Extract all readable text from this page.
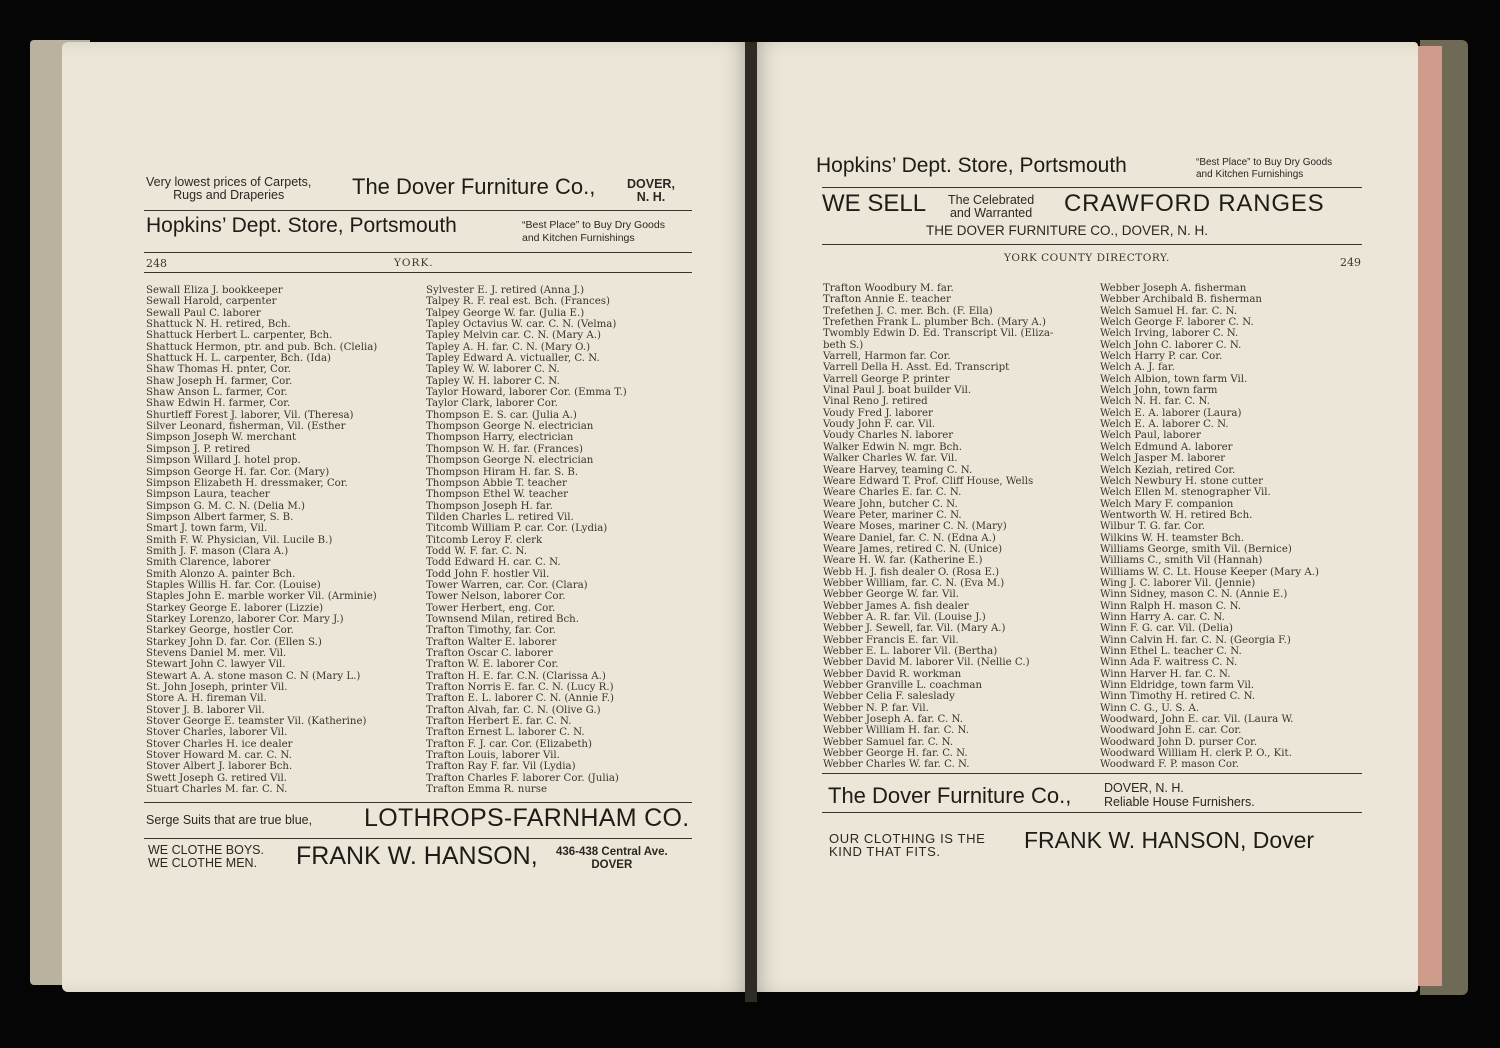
Very lowest prices of Carpets,
Rugs and Draperies	The Dover Furniture Co.,	DOVER,
N. H.
Hopkins’ Dept. Store, Portsmouth	“Best Place” to Buy Dry Goods
and Kitchen Furnishings
248	YORK.
Sewall Eliza J. bookkeeper
Sewall Harold, carpenter
Sewall Paul C. laborer
Shattuck N. H. retired, Bch.
Shattuck Herbert L. carpenter, Bch.
Shattuck Hermon, ptr. and pub. Bch. (Clelia)
Shattuck H. L. carpenter, Bch. (Ida)
Shaw Thomas H. pnter, Cor.
Shaw Joseph H. farmer, Cor.
Shaw Anson L. farmer, Cor.
Shaw Edwin H. farmer, Cor.
Shurtleff Forest J. laborer, Vil. (Theresa)
Silver Leonard, fisherman, Vil. (Esther
Simpson Joseph W. merchant
Simpson J. P. retired
Simpson Willard J. hotel prop.
Simpson George H. far. Cor. (Mary)
Simpson Elizabeth H. dressmaker, Cor.
Simpson Laura, teacher
Simpson G. M. C. N. (Delia M.)
Simpson Albert farmer, S. B.
Smart J. town farm, Vil.
Smith F. W. Physician, Vil. Lucile B.)
Smith J. F. mason (Clara A.)
Smith Clarence, laborer
Smith Alonzo A. painter Bch.
Staples Willis H. far. Cor. (Louise)
Staples John E. marble worker Vil. (Arminie)
Starkey George E. laborer (Lizzie)
Starkey Lorenzo, laborer Cor. Mary J.)
Starkey George, hostler Cor.
Starkey John D. far. Cor. (Ellen S.)
Stevens Daniel M. mer. Vil.
Stewart John C. lawyer Vil.
Stewart A. A. stone mason C. N (Mary L.)
St. John Joseph, printer Vil.
Store A. H. fireman Vil.
Stover J. B. laborer Vil.
Stover George E. teamster Vil. (Katherine)
Stover Charles, laborer Vil.
Stover Charles H. ice dealer
Stover Howard M. car. C. N.
Stover Albert J. laborer Bch.
Swett Joseph G. retired Vil.
Stuart Charles M. far. C. N.
Sylvester E. J. retired (Anna J.)
Talpey R. F. real est. Bch. (Frances)
Talpey George W. far. (Julia E.)
Tapley Octavius W. car. C. N. (Velma)
Tapley Melvin car. C. N. (Mary A.)
Tapley A. H. far. C. N. (Mary O.)
Tapley Edward A. victualler, C. N.
Tapley W. W. laborer C. N.
Tapley W. H. laborer C. N.
Taylor Howard, laborer Cor. (Emma T.)
Taylor Clark, laborer Cor.
Thompson E. S. car. (Julia A.)
Thompson George N. electrician
Thompson Harry, electrician
Thompson W. H. far. (Frances)
Thompson George N. electrician
Thompson Hiram H. far. S. B.
Thompson Abbie T. teacher
Thompson Ethel W. teacher
Thompson Joseph H. far.
Tilden Charles L. retired Vil.
Titcomb William P. car. Cor. (Lydia)
Titcomb Leroy F. clerk
Todd W. F. far. C. N.
Todd Edward H. car. C. N.
Todd John F. hostler Vil.
Tower Warren, car. Cor. (Clara)
Tower Nelson, laborer Cor.
Tower Herbert, eng. Cor.
Townsend Milan, retired Bch.
Trafton Timothy, far. Cor.
Trafton Walter E. laborer
Trafton Oscar C. laborer
Trafton W. E. laborer Cor.
Trafton H. E. far. C.N. (Clarissa A.)
Trafton Norris E. far. C. N. (Lucy R.)
Trafton E. L. laborer C. N. (Annie F.)
Trafton Alvah, far. C. N. (Olive G.)
Trafton Herbert E. far. C. N.
Trafton Ernest L. laborer C. N.
Trafton F. J. car. Cor. (Elizabeth)
Trafton Louis, laborer Vil.
Trafton Ray F. far. Vil (Lydia)
Trafton Charles F. laborer Cor. (Julia)
Trafton Emma R. nurse
Serge Suits that are true blue, LOTHROPS-FARNHAM CO.
WE CLOTHE BOYS.
WE CLOTHE MEN. FRANK W. HANSON, 436-438 Central Ave.
DOVER
Hopkins’ Dept. Store, Portsmouth	“Best Place” to Buy Dry Goods
and Kitchen Furnishings
WE SELL The Celebrated
and Warranted CRAWFORD RANGES
THE DOVER FURNITURE CO., DOVER, N. H.
YORK COUNTY DIRECTORY.	249
Trafton Woodbury M. far.
Trafton Annie E. teacher
Trefethen J. C. mer. Bch. (F. Ella)
Trefethen Frank L. plumber Bch. (Mary A.)
Twombly Edwin D. Ed. Transcript Vil. (Eliza-
beth S.)
Varrell, Harmon far. Cor.
Varrell Della H. Asst. Ed. Transcript
Varrell George P. printer
Vinal Paul J. boat builder Vil.
Vinal Reno J. retired
Voudy Fred J. laborer
Voudy John F. car. Vil.
Voudy Charles N. laborer
Walker Edwin N. mgr. Bch.
Walker Charles W. far. Vil.
Weare Harvey, teaming C. N.
Weare Edward T. Prof. Cliff House, Wells
Weare Charles E. far. C. N.
Weare John, butcher C. N.
Weare Peter, mariner C. N.
Weare Moses, mariner C. N. (Mary)
Weare Daniel, far. C. N. (Edna A.)
Weare James, retired C. N. (Unice)
Weare H. W. far. (Katherine E.)
Webb H. J. fish dealer O. (Rosa E.)
Webber William, far. C. N. (Eva M.)
Webber George W. far. Vil.
Webber James A. fish dealer
Webber A. R. far. Vil. (Louise J.)
Webber J. Sewell, far. Vil. (Mary A.)
Webber Francis E. far. Vil.
Webber E. L. laborer Vil. (Bertha)
Webber David M. laborer Vil. (Nellie C.)
Webber David R. workman
Webber Granville L. coachman
Webber Celia F. saleslady
Webber N. P. far. Vil.
Webber Joseph A. far. C. N.
Webber William H. far. C. N.
Webber Samuel far. C. N.
Webber George H. far. C. N.
Webber Charles W. far. C. N.
Webber Joseph A. fisherman
Webber Archibald B. fisherman
Welch Samuel H. far. C. N.
Welch George F. laborer C. N.
Welch Irving, laborer C. N.
Welch John C. laborer C. N.
Welch Harry P. car. Cor.
Welch A. J. far.
Welch Albion, town farm Vil.
Welch John, town farm
Welch N. H. far. C. N.
Welch E. A. laborer (Laura)
Welch E. A. laborer C. N.
Welch Paul, laborer
Welch Edmund A. laborer
Welch Jasper M. laborer
Welch Keziah, retired Cor.
Welch Newbury H. stone cutter
Welch Ellen M. stenographer Vil.
Welch Mary F. companion
Wentworth W. H. retired Bch.
Wilbur T. G. far. Cor.
Wilkins W. H. teamster Bch.
Williams George, smith Vil. (Bernice)
Williams C., smith Vil (Hannah)
Williams W. C. Lt. House Keeper (Mary A.)
Wing J. C. laborer Vil. (Jennie)
Winn Sidney, mason C. N. (Annie E.)
Winn Ralph H. mason C. N.
Winn Harry A. car. C. N.
Winn F. G. car. Vil. (Delia)
Winn Calvin H. far. C. N. (Georgia F.)
Winn Ethel L. teacher C. N.
Winn Ada F. waitress C. N.
Winn Harver H. far. C. N.
Winn Eldridge, town farm Vil.
Winn Timothy H. retired C. N.
Winn C. G., U. S. A.
Woodward, John E. car. Vil. (Laura W.
Woodward John E. car. Cor.
Woodward John D. purser Cor.
Woodward William H. clerk P. O., Kit.
Woodward F. P. mason Cor.
The Dover Furniture Co.,	DOVER, N. H.
Reliable House Furnishers.
OUR CLOTHING IS THE
KIND THAT FITS.	FRANK W. HANSON, Dover
